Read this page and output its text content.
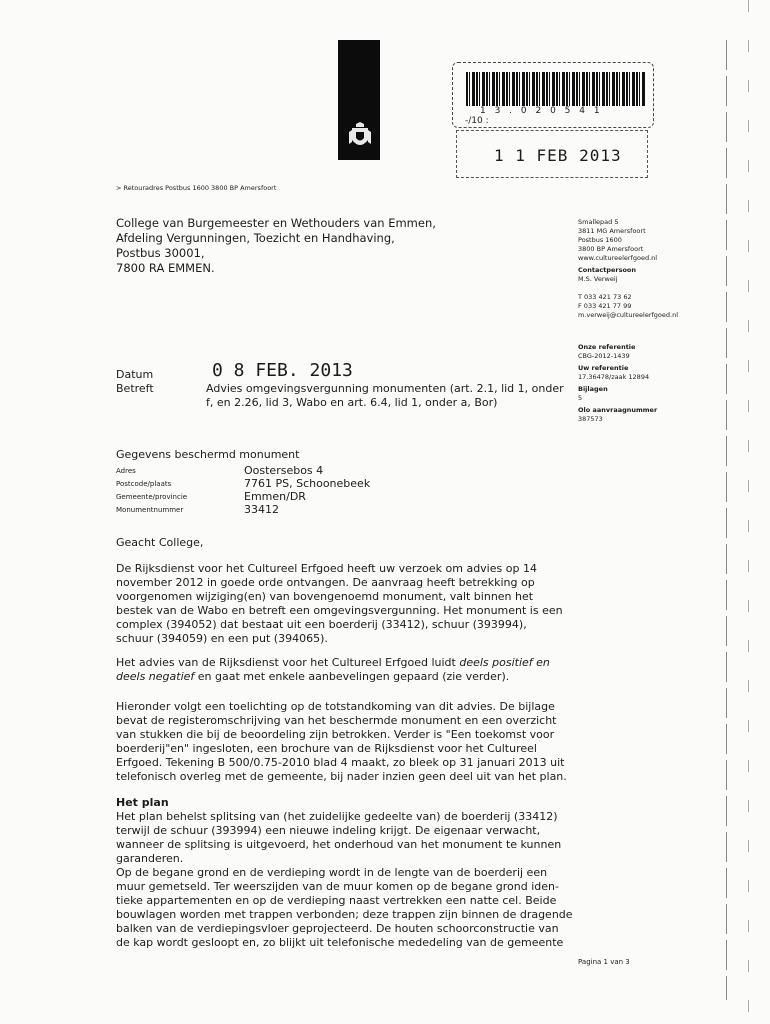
1 3 . 0 2 0 5 4 1
-/10 :
1 1 FEB 2013
> Retouradres Postbus 1600 3800 BP Amersfoort
College van Burgemeester en Wethouders van Emmen,
Afdeling Vergunningen, Toezicht en Handhaving,
Postbus 30001,
7800 RA EMMEN.
Smallepad 5
3811 MG Amersfoort
Postbus 1600
3800 BP Amersfoort
www.cultureelerfgoed.nl
Contactpersoon
M.S. Verweij
T 033 421 73 62
F 033 421 77 99
m.verweij@cultureelerfgoed.nl
Onze referentie
CBG-2012-1439
Uw referentie
17.36478/zaak 12894
Bijlagen
5
Olo aanvraagnummer
387573
Datum	0 8 FEB. 2013
Betreft	Advies omgevingsvergunning monumenten (art. 2.1, lid 1, onder f, en 2.26, lid 3, Wabo en art. 6.4, lid 1, onder a, Bor)
Gegevens beschermd monument
Adres	Oostersebos 4
Postcode/plaats	7761 PS, Schoonebeek
Gemeente/provincie	Emmen/DR
Monumentnummer	33412
Geacht College,
De Rijksdienst voor het Cultureel Erfgoed heeft uw verzoek om advies op 14
november 2012 in goede orde ontvangen. De aanvraag heeft betrekking op
voorgenomen wijziging(en) van bovengenoemd monument, valt binnen het
bestek van de Wabo en betreft een omgevingsvergunning. Het monument is een
complex (394052) dat bestaat uit een boerderij (33412), schuur (393994),
schuur (394059) en een put (394065).
Het advies van de Rijksdienst voor het Cultureel Erfgoed luidt deels positief en
deels negatief en gaat met enkele aanbevelingen gepaard (zie verder).
Hieronder volgt een toelichting op de totstandkoming van dit advies. De bijlage
bevat de registeromschrijving van het beschermde monument en een overzicht
van stukken die bij de beoordeling zijn betrokken. Verder is "Een toekomst voor
boerderij"en" ingesloten, een brochure van de Rijksdienst voor het Cultureel
Erfgoed. Tekening B 500/0.75-2010 blad 4 maakt, zo bleek op 31 januari 2013 uit
telefonisch overleg met de gemeente, bij nader inzien geen deel uit van het plan.
Het plan
Het plan behelst splitsing van (het zuidelijke gedeelte van) de boerderij (33412)
terwijl de schuur (393994) een nieuwe indeling krijgt. De eigenaar verwacht,
wanneer de splitsing is uitgevoerd, het onderhoud van het monument te kunnen
garanderen.
Op de begane grond en de verdieping wordt in de lengte van de boerderij een
muur gemetseld. Ter weerszijden van de muur komen op de begane grond iden-
tieke appartementen en op de verdieping naast vertrekken een natte cel. Beide
bouwlagen worden met trappen verbonden; deze trappen zijn binnen de dragende
balken van de verdiepingsvloer geprojecteerd. De houten schoorconstructie van
de kap wordt gesloopt en, zo blijkt uit telefonische mededeling van de gemeente
Pagina 1 van 3
